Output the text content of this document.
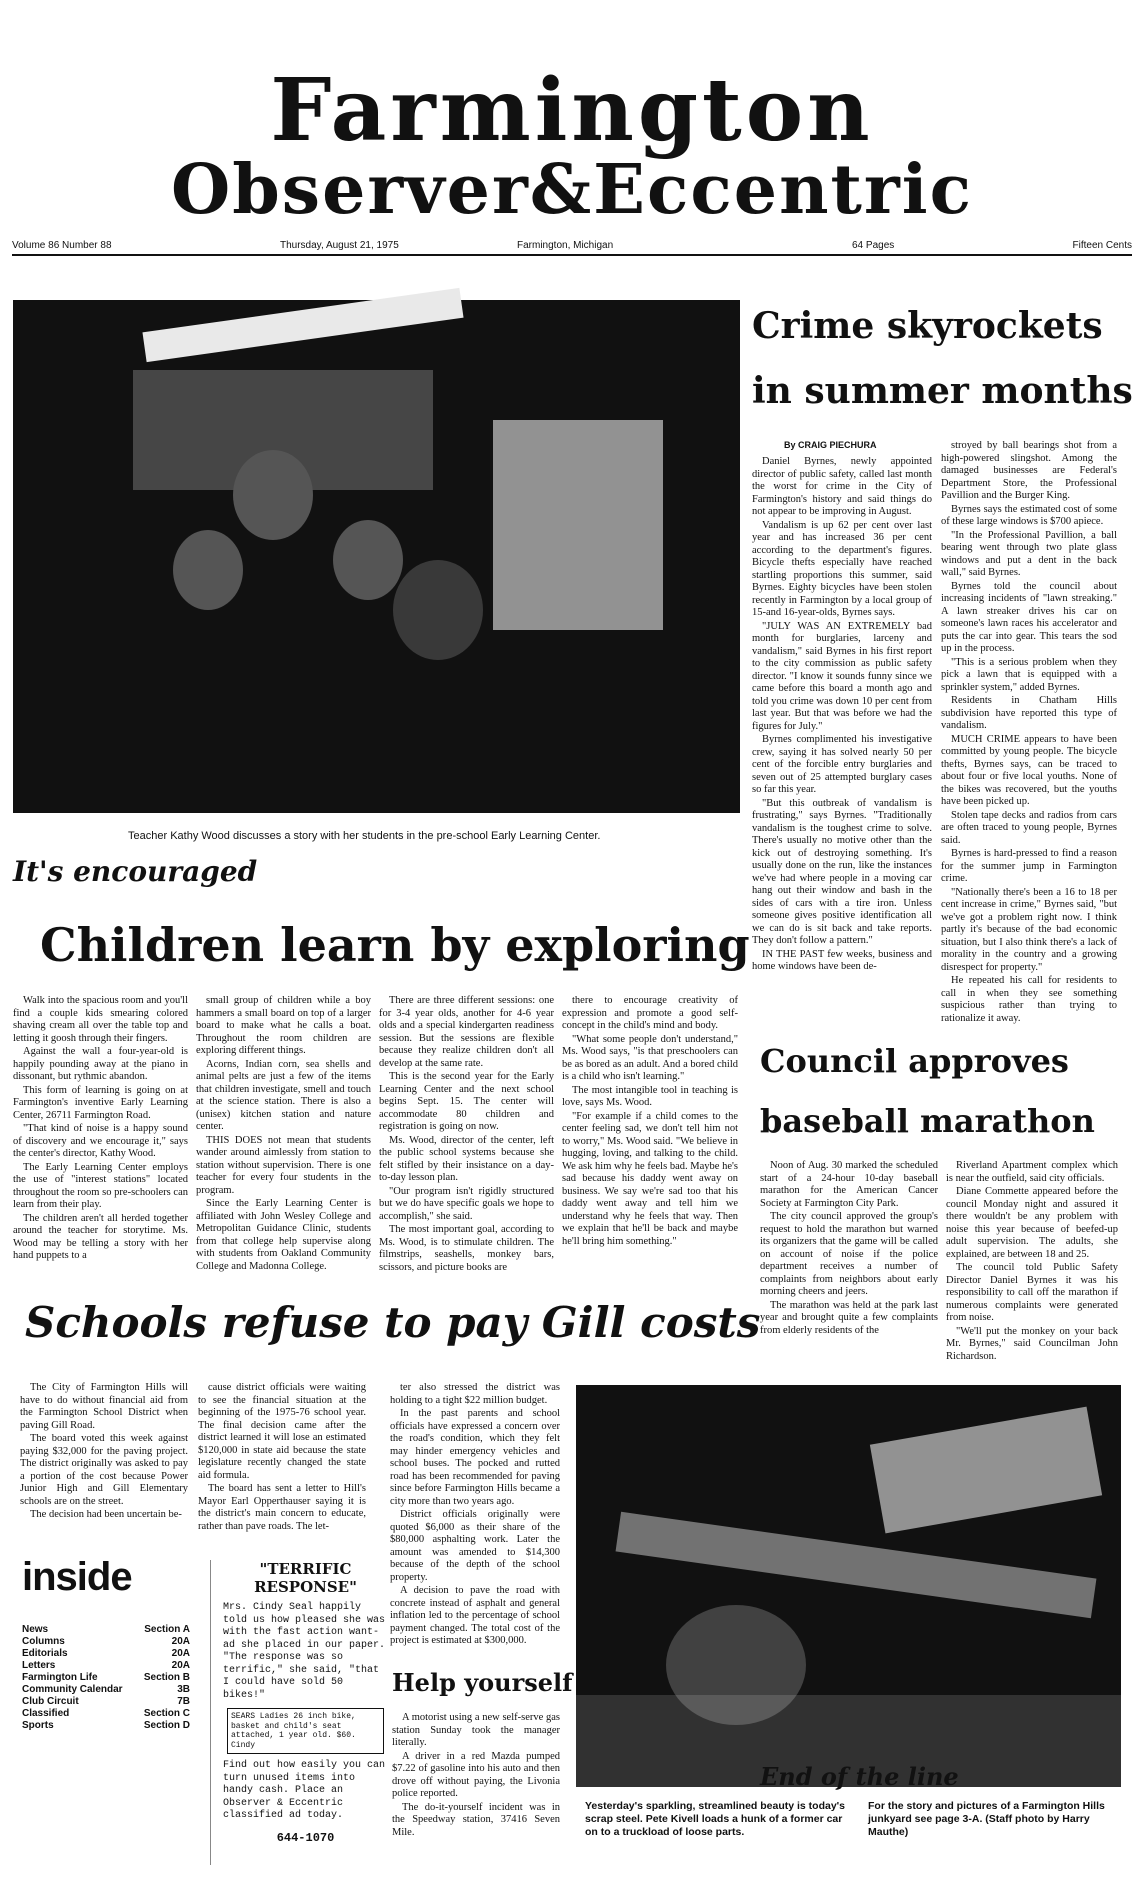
Farmington
Observer&Eccentric
Volume 86 Number 88	Thursday, August 21, 1975	Farmington, Michigan	64 Pages	Fifteen Cents
Teacher Kathy Wood discusses a story with her students in the pre-school Early Learning Center.
It's encouraged
Children learn by exploring

Walk into the spacious room and you'll find a couple kids smearing colored shaving cream all over the table top and letting it goosh through their fingers.

Against the wall a four-year-old is happily pounding away at the piano in dissonant, but rythmic abandon.

This form of learning is going on at Farmington's inventive Early Learning Center, 26711 Farmington Road.

"That kind of noise is a happy sound of discovery and we encourage it," says the center's director, Kathy Wood.

The Early Learning Center employs the use of "interest stations" located throughout the room so pre-schoolers can learn from their play.

The children aren't all herded together around the teacher for storytime. Ms. Wood may be telling a story with her hand puppets to a

small group of children while a boy hammers a small board on top of a larger board to make what he calls a boat. Throughout the room children are exploring different things.

Acorns, Indian corn, sea shells and animal pelts are just a few of the items that children investigate, smell and touch at the science station. There is also a (unisex) kitchen station and nature center.

THIS DOES not mean that students wander around aimlessly from station to station without supervision. There is one teacher for every four students in the program.

Since the Early Learning Center is affiliated with John Wesley College and Metropolitan Guidance Clinic, students from that college help supervise along with students from Oakland Community College and Madonna College.

There are three different sessions: one for 3-4 year olds, another for 4-6 year olds and a special kindergarten readiness session. But the sessions are flexible because they realize children don't all develop at the same rate.

This is the second year for the Early Learning Center and the next school begins Sept. 15. The center will accommodate 80 children and registration is going on now.

Ms. Wood, director of the center, left the public school systems because she felt stifled by their insistance on a day-to-day lesson plan.

"Our program isn't rigidly structured but we do have specific goals we hope to accomplish," she said.

The most important goal, according to Ms. Wood, is to stimulate children. The filmstrips, seashells, monkey bars, scissors, and picture books are

there to encourage creativity of expression and promote a good self-concept in the child's mind and body.

"What some people don't understand," Ms. Wood says, "is that preschoolers can be as bored as an adult. And a bored child is a child who isn't learning."

The most intangible tool in teaching is love, says Ms. Wood.

"For example if a child comes to the center feeling sad, we don't tell him not to worry," Ms. Wood said. "We believe in hugging, loving, and talking to the child. We ask him why he feels bad. Maybe he's sad because his daddy went away on business. We say we're sad too that his daddy went away and tell him we understand why he feels that way. Then we explain that he'll be back and maybe he'll bring him something."

Crime skyrockets
in summer months
By CRAIG PIECHURA

Daniel Byrnes, newly appointed director of public safety, called last month the worst for crime in the City of Farmington's history and said things do not appear to be improving in August.

Vandalism is up 62 per cent over last year and has increased 36 per cent according to the department's figures. Bicycle thefts especially have reached startling proportions this summer, said Byrnes. Eighty bicycles have been stolen recently in Farmington by a local group of 15-and 16-year-olds, Byrnes says.

"JULY WAS AN EXTREMELY bad month for burglaries, larceny and vandalism," said Byrnes in his first report to the city commission as public safety director. "I know it sounds funny since we came before this board a month ago and told you crime was down 10 per cent from last year. But that was before we had the figures for July."

Byrnes complimented his investigative crew, saying it has solved nearly 50 per cent of the forcible entry burglaries and seven out of 25 attempted burglary cases so far this year.

"But this outbreak of vandalism is frustrating," says Byrnes. "Traditionally vandalism is the toughest crime to solve. There's usually no motive other than the kick out of destroying something. It's usually done on the run, like the instances we've had where people in a moving car hang out their window and bash in the sides of cars with a tire iron. Unless someone gives positive identification all we can do is sit back and take reports. They don't follow a pattern."

IN THE PAST few weeks, business and home windows have been de-

stroyed by ball bearings shot from a high-powered slingshot. Among the damaged businesses are Federal's Department Store, the Professional Pavillion and the Burger King.

Byrnes says the estimated cost of some of these large windows is $700 apiece.

"In the Professional Pavillion, a ball bearing went through two plate glass windows and put a dent in the back wall," said Byrnes.

Byrnes told the council about increasing incidents of "lawn streaking." A lawn streaker drives his car on someone's lawn races his accelerator and puts the car into gear. This tears the sod up in the process.

"This is a serious problem when they pick a lawn that is equipped with a sprinkler system," added Byrnes.

Residents in Chatham Hills subdivision have reported this type of vandalism.

MUCH CRIME appears to have been committed by young people. The bicycle thefts, Byrnes says, can be traced to about four or five local youths. None of the bikes was recovered, but the youths have been picked up.

Stolen tape decks and radios from cars are often traced to young people, Byrnes said.

Byrnes is hard-pressed to find a reason for the summer jump in Farmington crime.

"Nationally there's been a 16 to 18 per cent increase in crime," Byrnes said, "but we've got a problem right now. I think partly it's because of the bad economic situation, but I also think there's a lack of morality in the country and a growing disrespect for property."

He repeated his call for residents to call in when they see something suspicious rather than trying to rationalize it away.

Council approves
baseball marathon

Noon of Aug. 30 marked the scheduled start of a 24-hour 10-day baseball marathon for the American Cancer Society at Farmington City Park.

The city council approved the group's request to hold the marathon but warned its organizers that the game will be called on account of noise if the police department receives a number of complaints from neighbors about early morning cheers and jeers.

The marathon was held at the park last year and brought quite a few complaints from elderly residents of the

Riverland Apartment complex which is near the outfield, said city officials.

Diane Commette appeared before the council Monday night and assured it there wouldn't be any problem with noise this year because of beefed-up adult supervision. The adults, she explained, are between 18 and 25.

The council told Public Safety Director Daniel Byrnes it was his responsibility to call off the marathon if numerous complaints were generated from noise.

"We'll put the monkey on your back Mr. Byrnes," said Councilman John Richardson.

Schools refuse to pay Gill costs

The City of Farmington Hills will have to do without financial aid from the Farmington School District when paving Gill Road.

The board voted this week against paying $32,000 for the paving project. The district originally was asked to pay a portion of the cost because Power Junior High and Gill Elementary schools are on the street.

The decision had been uncertain be-

cause district officials were waiting to see the financial situation at the beginning of the 1975-76 school year. The final decision came after the district learned it will lose an estimated $120,000 in state aid because the state legislature recently changed the state aid formula.

The board has sent a letter to Hill's Mayor Earl Opperthauser saying it is the district's main concern to educate, rather than pave roads. The let-

ter also stressed the district was holding to a tight $22 million budget.

In the past parents and school officials have expressed a concern over the road's condition, which they felt may hinder emergency vehicles and school buses. The pocked and rutted road has been recommended for paving since before Farmington Hills became a city more than two years ago.

District officials originally were quoted $6,000 as their share of the $80,000 asphalting work. Later the amount was amended to $14,300 because of the depth of the school property.

A decision to pave the road with concrete instead of asphalt and general inflation led to the percentage of school payment changed. The total cost of the project is estimated at $300,000.

inside
News	Section A
Columns	20A
Editorials	20A
Letters	20A
Farmington Life	Section B
Community Calendar	3B
Club Circuit	7B
Classified	Section C
Sports	Section D
"TERRIFIC RESPONSE"
Mrs. Cindy Seal happily told us how pleased she was with the fast action want-ad she placed in our paper. "The response was so terrific," she said, "that I could have sold 50 bikes!"
SEARS Ladies 26 inch bike, basket and child's seat attached, 1 year old. $60. Cindy
Find out how easily you can turn unused items into handy cash. Place an Observer & Eccentric classified ad today.
644-1070
Help yourself

A motorist using a new self-serve gas station Sunday took the manager literally.

A driver in a red Mazda pumped $7.22 of gasoline into his auto and then drove off without paying, the Livonia police reported.

The do-it-yourself incident was in the Speedway station, 37416 Seven Mile.

End of the line
Yesterday's sparkling, streamlined beauty is today's scrap steel. Pete Kivell loads a hunk of a former car on to a truckload of loose parts.
For the story and pictures of a Farmington Hills junkyard see page 3-A. (Staff photo by Harry Mauthe)
